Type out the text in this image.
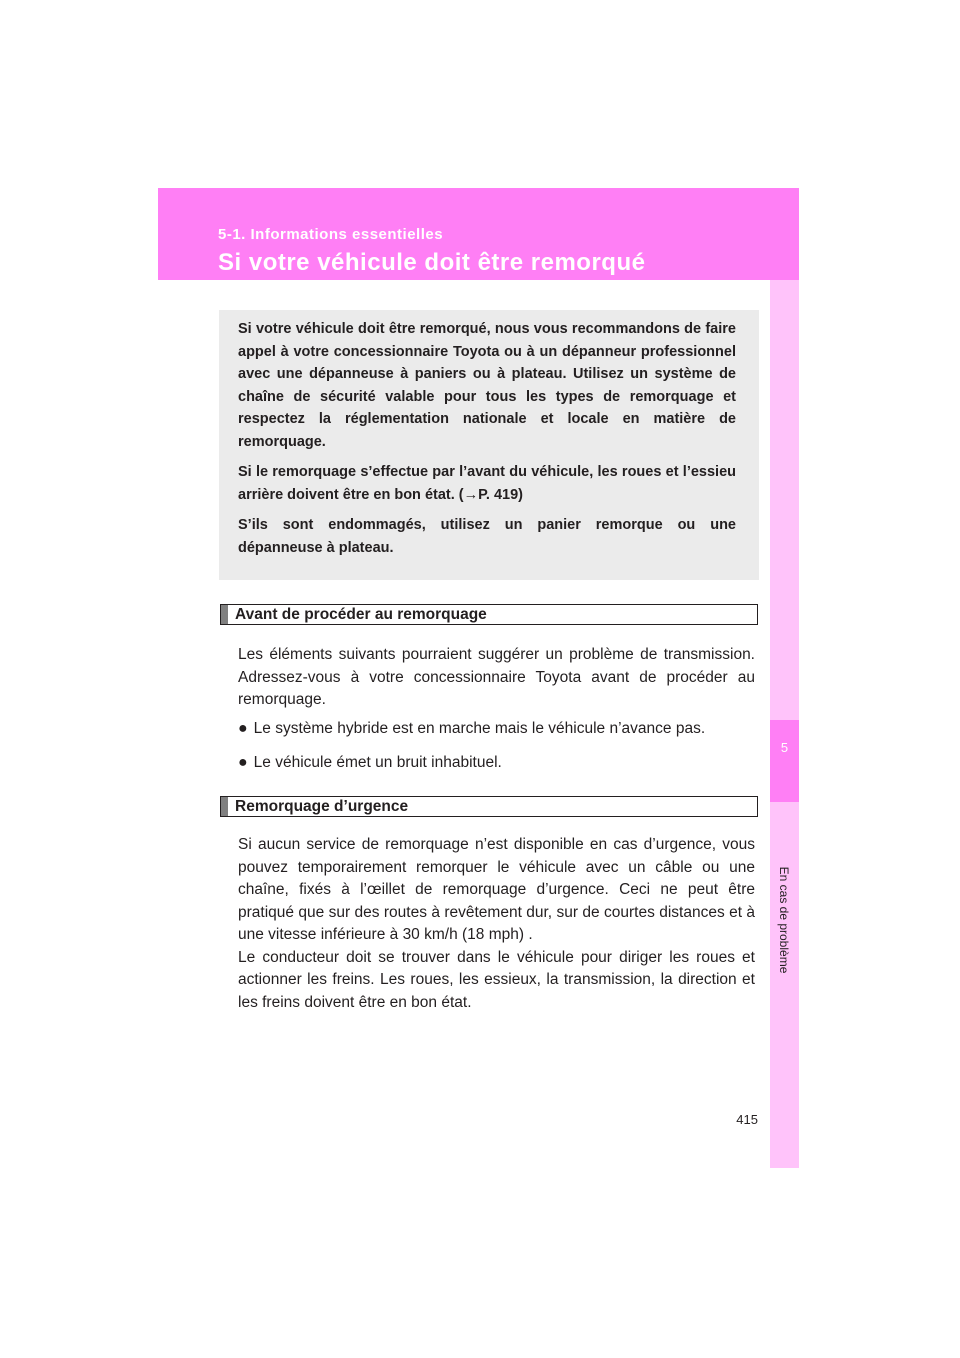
5-1. Informations essentielles
Si votre véhicule doit être remorqué
5
En cas de problème

Si votre véhicule doit être remorqué, nous vous recommandons de faire appel à votre concessionnaire Toyota ou à un dépanneur professionnel avec une dépanneuse à paniers ou à plateau. Utilisez un système de chaîne de sécurité valable pour tous les types de remorquage et respectez la réglementation nationale et locale en matière de remorquage.

Si le remorquage s’effectue par l’avant du véhicule, les roues et l’essieu arrière doivent être en bon état. (→P. 419)

S’ils sont endommagés, utilisez un panier remorque ou une dépanneuse à plateau.

Avant de procéder au remorquage

Les éléments suivants pourraient suggérer un problème de transmission. Adressez-vous à votre concessionnaire Toyota avant de procéder au remorquage.

● Le système hybride est en marche mais le véhicule n’avance pas.
● Le véhicule émet un bruit inhabituel.
Remorquage d’urgence

Si aucun service de remorquage n’est disponible en cas d’urgence, vous pouvez temporairement remorquer le véhicule avec un câble ou une chaîne, fixés à l’œillet de remorquage d’urgence. Ceci ne peut être pratiqué que sur des routes à revêtement dur, sur de courtes distances et à une vitesse inférieure à 30 km/h (18 mph) .

Le conducteur doit se trouver dans le véhicule pour diriger les roues et actionner les freins. Les roues, les essieux, la transmission, la direction et les freins doivent être en bon état.

415
